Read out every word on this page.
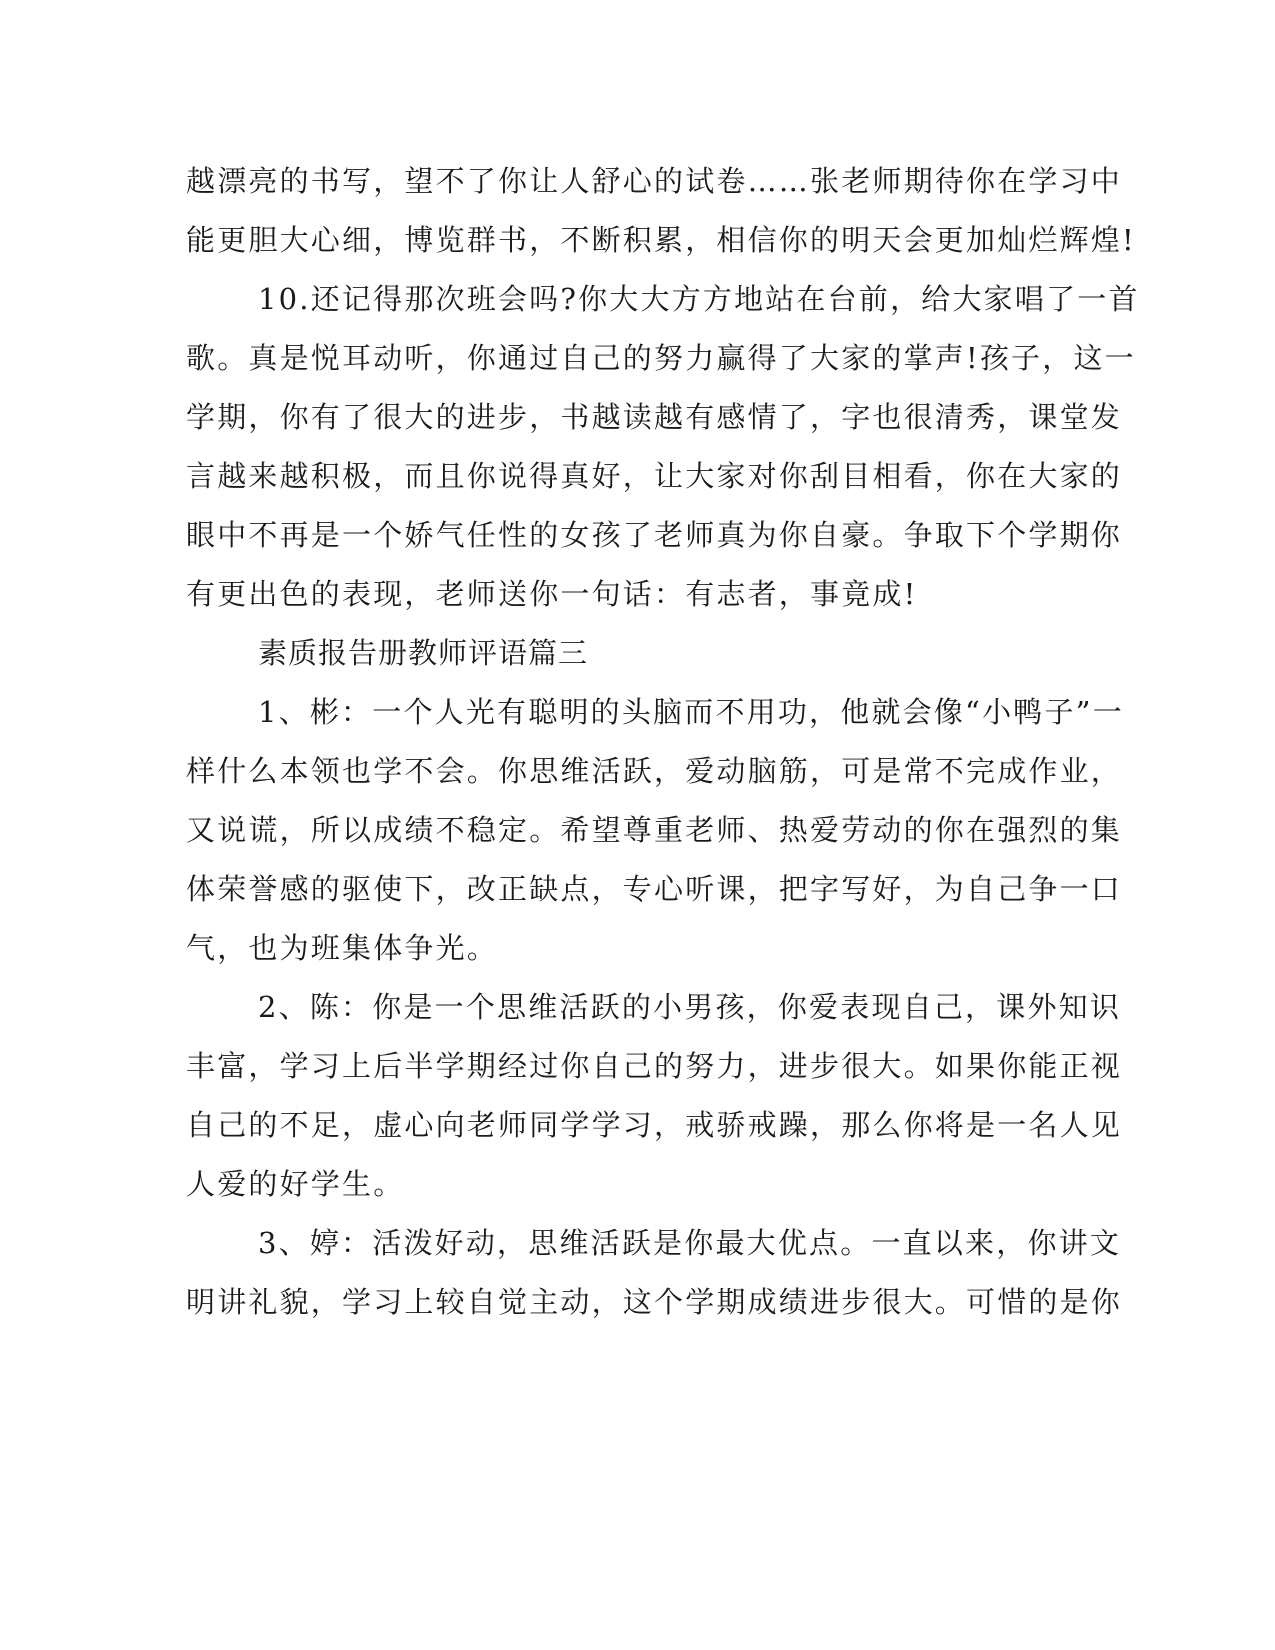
越漂亮的书写，望不了你让人舒心的试卷……张老师期待你在学习中
能更胆大心细，博览群书，不断积累，相信你的明天会更加灿烂辉煌!
10.还记得那次班会吗?你大大方方地站在台前，给大家唱了一首
歌。真是悦耳动听，你通过自己的努力赢得了大家的掌声!孩子，这一
学期，你有了很大的进步，书越读越有感情了，字也很清秀，课堂发
言越来越积极，而且你说得真好，让大家对你刮目相看，你在大家的
眼中不再是一个娇气任性的女孩了老师真为你自豪。争取下个学期你
有更出色的表现，老师送你一句话：有志者，事竟成!
素质报告册教师评语篇三
1、彬：一个人光有聪明的头脑而不用功，他就会像“小鸭子”一
样什么本领也学不会。你思维活跃，爱动脑筋，可是常不完成作业，
又说谎，所以成绩不稳定。希望尊重老师、热爱劳动的你在强烈的集
体荣誉感的驱使下，改正缺点，专心听课，把字写好，为自己争一口
气，也为班集体争光。
2、陈：你是一个思维活跃的小男孩，你爱表现自己，课外知识
丰富，学习上后半学期经过你自己的努力，进步很大。如果你能正视
自己的不足，虚心向老师同学学习，戒骄戒躁，那么你将是一名人见
人爱的好学生。
3、婷：活泼好动，思维活跃是你最大优点。一直以来，你讲文
明讲礼貌，学习上较自觉主动，这个学期成绩进步很大。可惜的是你
